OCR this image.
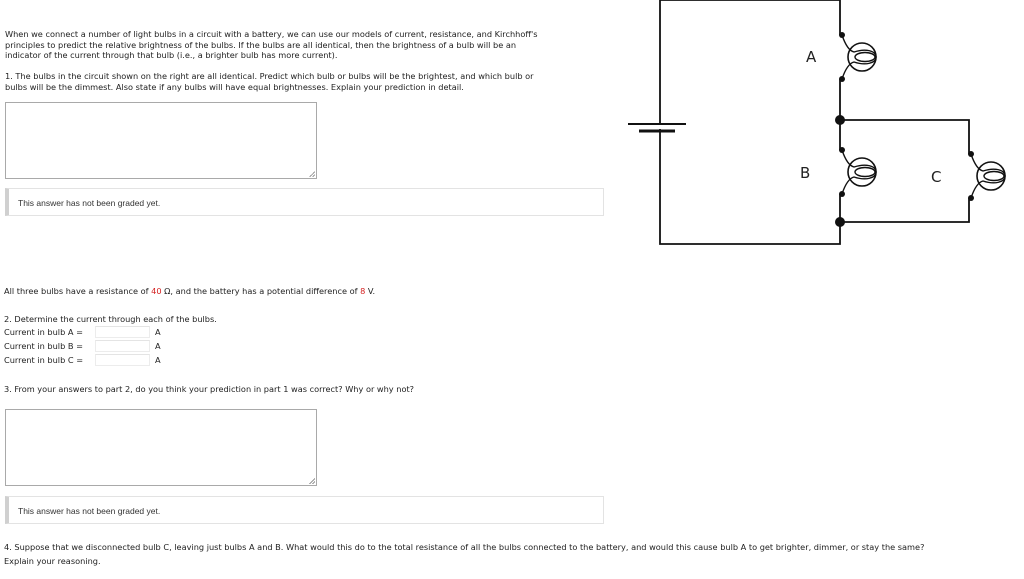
When we connect a number of light bulbs in a circuit with a battery, we can use our models of current, resistance, and Kirchhoff's
principles to predict the relative brightness of the bulbs. If the bulbs are all identical, then the brightness of a bulb will be an
indicator of the current through that bulb (i.e., a brighter bulb has more current).
1. The bulbs in the circuit shown on the right are all identical. Predict which bulb or bulbs will be the brightest, and which bulb or
bulbs will be the dimmest. Also state if any bulbs will have equal brightnesses. Explain your prediction in detail.
This answer has not been graded yet.
All three bulbs have a resistance of 40 Ω, and the battery has a potential difference of 8 V.
2. Determine the current through each of the bulbs.
Current in bulb A =	A
Current in bulb B =	A
Current in bulb C =	A
3. From your answers to part 2, do you think your prediction in part 1 was correct? Why or why not?
This answer has not been graded yet.
4. Suppose that we disconnected bulb C, leaving just bulbs A and B. What would this do to the total resistance of all the bulbs connected to the battery, and would this cause bulb A to get brighter, dimmer, or stay the same?
Explain your reasoning.
A
B	C
